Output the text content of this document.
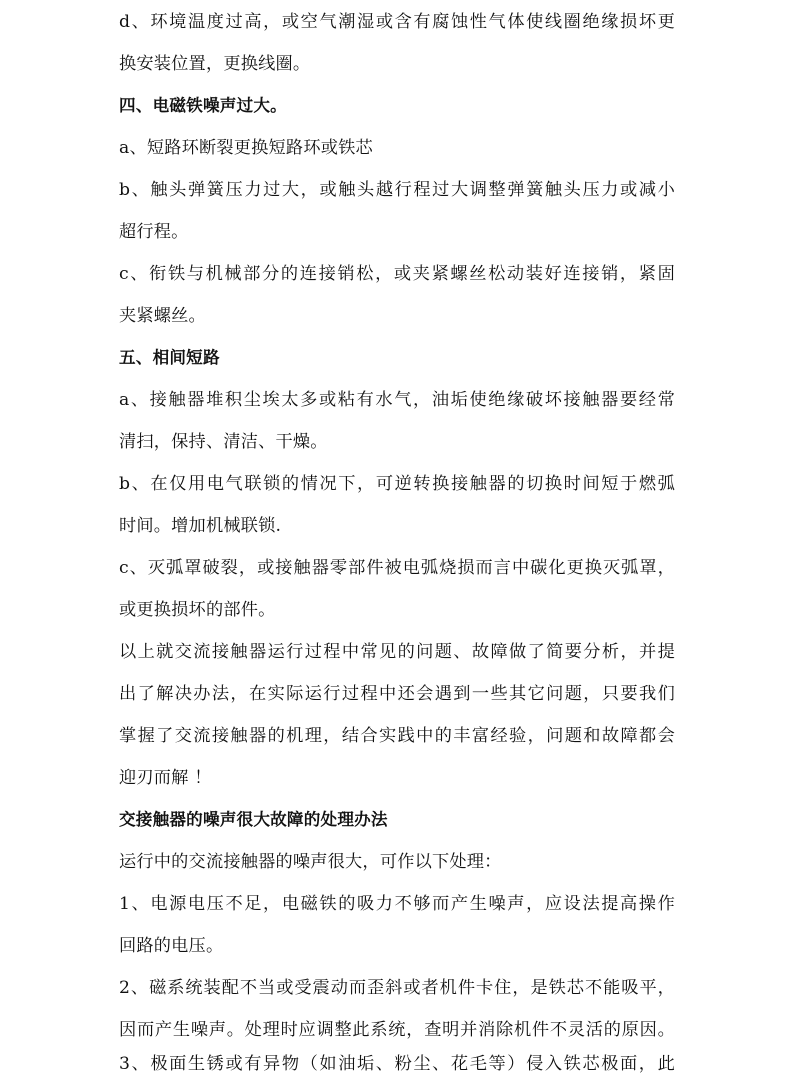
d、环境温度过高，或空气潮湿或含有腐蚀性气体使线圈绝缘损坏更
换安装位置，更换线圈。
四、电磁铁噪声过大。
a、短路环断裂更换短路环或铁芯
b、触头弹簧压力过大，或触头越行程过大调整弹簧触头压力或减小
超行程。
c、衔铁与机械部分的连接销松，或夹紧螺丝松动装好连接销，紧固
夹紧螺丝。
五、相间短路
a、接触器堆积尘埃太多或粘有水气，油垢使绝缘破坏接触器要经常
清扫，保持、清洁、干燥。
b、在仅用电气联锁的情况下，可逆转换接触器的切换时间短于燃弧
时间。增加机械联锁.
c、灭弧罩破裂，或接触器零部件被电弧烧损而言中碳化更换灭弧罩，
或更换损坏的部件。
以上就交流接触器运行过程中常见的问题、故障做了简要分析，并提
出了解决办法，在实际运行过程中还会遇到一些其它问题，只要我们
掌握了交流接触器的机理，结合实践中的丰富经验，问题和故障都会
迎刃而解 ！
交接触器的噪声很大故障的处理办法
运行中的交流接触器的噪声很大，可作以下处理：
1、电源电压不足，电磁铁的吸力不够而产生噪声，应设法提高操作
回路的电压。
2、磁系统装配不当或受震动而歪斜或者机件卡住，是铁芯不能吸平，
因而产生噪声。处理时应调整此系统，查明并消除机件不灵活的原因。
3、极面生锈或有异物（如油垢、粉尘、花毛等）侵入铁芯极面，此
